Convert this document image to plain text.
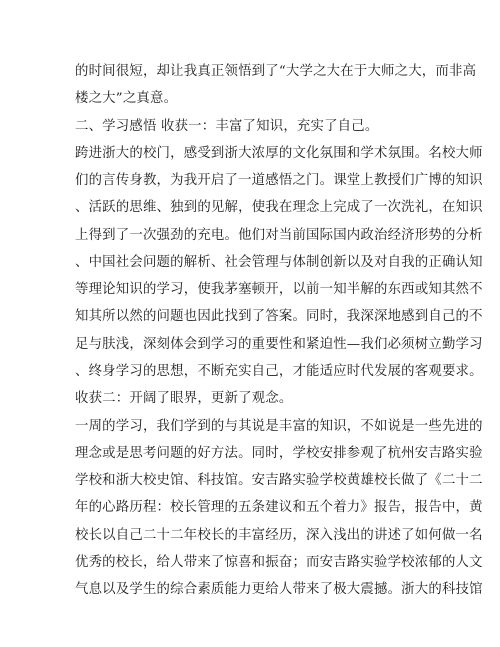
的时间很短，却让我真正领悟到了“大学之大在于大师之大，而非高
楼之大”之真意。
二、学习感悟 收获一：丰富了知识，充实了自己。
跨进浙大的校门，感受到浙大浓厚的文化氛围和学术氛围。名校大师
们的言传身教，为我开启了一道感悟之门。课堂上教授们广博的知识
、活跃的思维、独到的见解，使我在理念上完成了一次洗礼，在知识
上得到了一次强劲的充电。他们对当前国际国内政治经济形势的分析
、中国社会问题的解析、社会管理与体制创新以及对自我的正确认知
等理论知识的学习，使我茅塞顿开，以前一知半解的东西或知其然不
知其所以然的问题也因此找到了答案。同时，我深深地感到自己的不
足与肤浅，深刻体会到学习的重要性和紧迫性—我们必须树立勤学习
、终身学习的思想，不断充实自己，才能适应时代发展的客观要求。
收获二：开阔了眼界，更新了观念。
一周的学习，我们学到的与其说是丰富的知识，不如说是一些先进的
理念或是思考问题的好方法。同时，学校安排参观了杭州安吉路实验
学校和浙大校史馆、科技馆。安吉路实验学校黄雄校长做了《二十二
年的心路历程：校长管理的五条建议和五个着力》报告，报告中，黄
校长以自己二十二年校长的丰富经历，深入浅出的讲述了如何做一名
优秀的校长，给人带来了惊喜和振奋；而安吉路实验学校浓郁的人文
气息以及学生的综合素质能力更给人带来了极大震撼。浙大的科技馆
